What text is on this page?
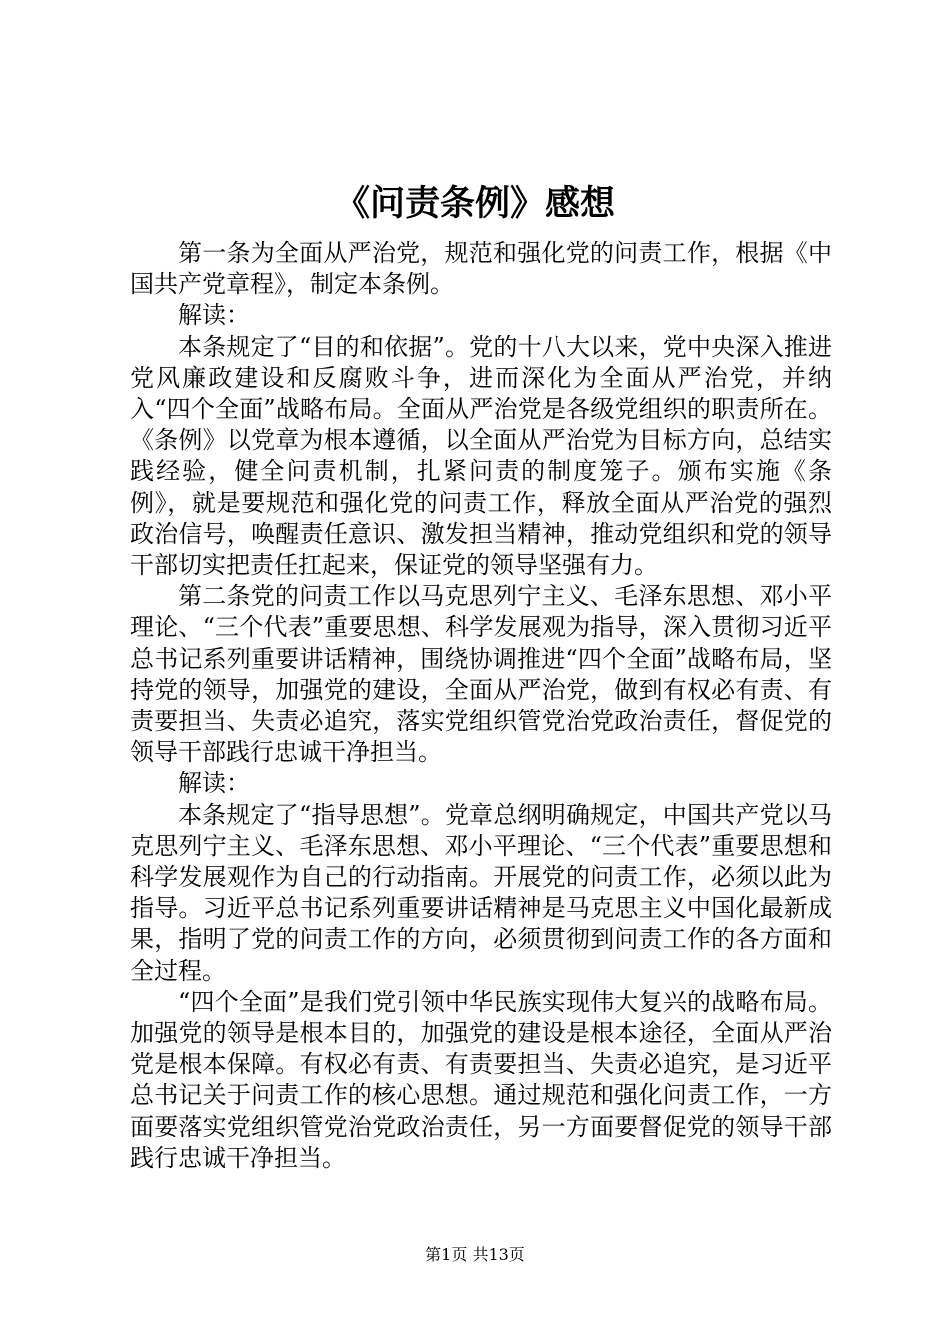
《问责条例》感想

第一条为全面从严治党，规范和强化党的问责工作，根据《中国共产党章程》，制定本条例。

解读：

本条规定了“目的和依据”。党的十八大以来，党中央深入推进党风廉政建设和反腐败斗争，进而深化为全面从严治党，并纳入“四个全面”战略布局。全面从严治党是各级党组织的职责所在。《条例》以党章为根本遵循，以全面从严治党为目标方向，总结实践经验，健全问责机制，扎紧问责的制度笼子。颁布实施《条例》，就是要规范和强化党的问责工作，释放全面从严治党的强烈政治信号，唤醒责任意识、激发担当精神，推动党组织和党的领导干部切实把责任扛起来，保证党的领导坚强有力。

第二条党的问责工作以马克思列宁主义、毛泽东思想、邓小平理论、“三个代表”重要思想、科学发展观为指导，深入贯彻习近平总书记系列重要讲话精神，围绕协调推进“四个全面”战略布局，坚持党的领导，加强党的建设，全面从严治党，做到有权必有责、有责要担当、失责必追究，落实党组织管党治党政治责任，督促党的领导干部践行忠诚干净担当。

解读：

本条规定了“指导思想”。党章总纲明确规定，中国共产党以马克思列宁主义、毛泽东思想、邓小平理论、“三个代表”重要思想和科学发展观作为自己的行动指南。开展党的问责工作，必须以此为指导。习近平总书记系列重要讲话精神是马克思主义中国化最新成果，指明了党的问责工作的方向，必须贯彻到问责工作的各方面和全过程。

“四个全面”是我们党引领中华民族实现伟大复兴的战略布局。加强党的领导是根本目的，加强党的建设是根本途径，全面从严治党是根本保障。有权必有责、有责要担当、失责必追究，是习近平总书记关于问责工作的核心思想。通过规范和强化问责工作，一方面要落实党组织管党治党政治责任，另一方面要督促党的领导干部践行忠诚干净担当。

第1页 共13页
